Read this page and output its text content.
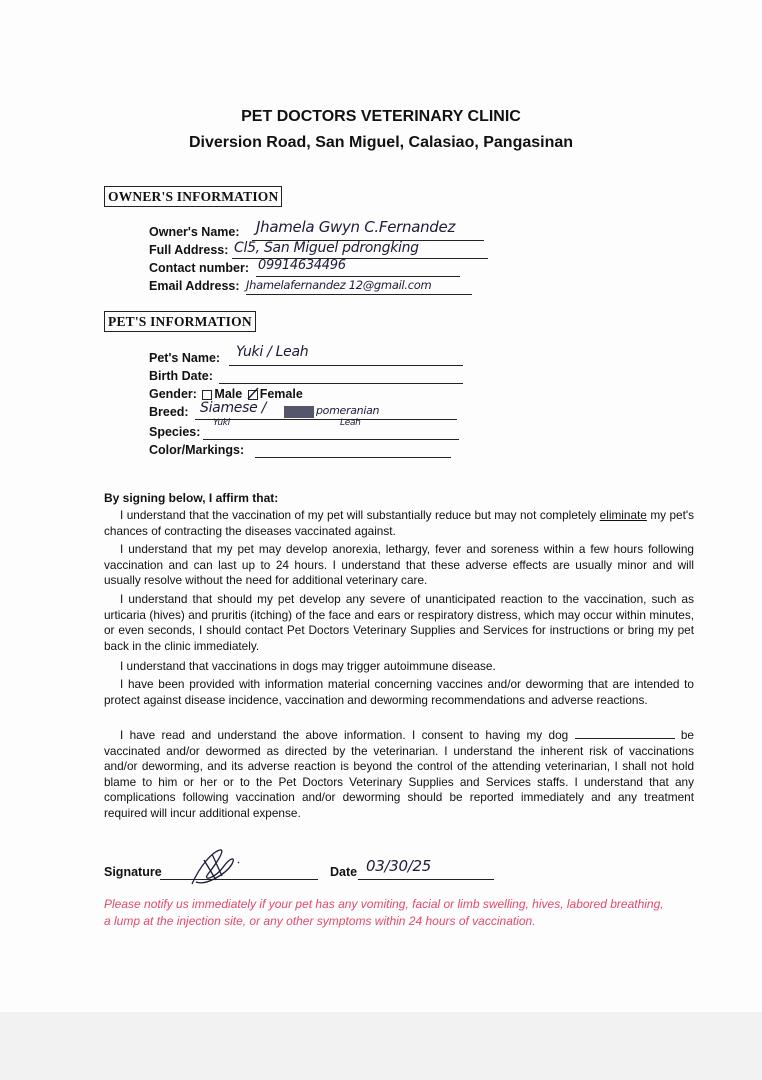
PET DOCTORS VETERINARY CLINIC
Diversion Road, San Miguel, Calasiao, Pangasinan
OWNER'S INFORMATION
Owner's Name: Jhamela Gwyn C.Fernandez
Full Address: Cl5, San Miguel pdrongking
Contact number: 09914634496
Email Address: Jhamelafernandez 12@gmail.com
PET'S INFORMATION
Pet's Name: Yuki / Leah
Birth Date:
Gender: Male Female
Breed: Siamese /	pomeranian
Yuki	Leah
Species:
Color/Markings:
By signing below, I affirm that:
I understand that the vaccination of my pet will substantially reduce but may not completely eliminate my pet's chances of contracting the diseases vaccinated against.
I understand that my pet may develop anorexia, lethargy, fever and soreness within a few hours following vaccination and can last up to 24 hours. I understand that these adverse effects are usually minor and will usually resolve without the need for additional veterinary care.
I understand that should my pet develop any severe of unanticipated reaction to the vaccination, such as urticaria (hives) and pruritis (itching) of the face and ears or respiratory distress, which may occur within minutes, or even seconds, I should contact Pet Doctors Veterinary Supplies and Services for instructions or bring my pet back in the clinic immediately.
I understand that vaccinations in dogs may trigger autoimmune disease.
I have been provided with information material concerning vaccines and/or deworming that are intended to protect against disease incidence, vaccination and deworming recommendations and adverse reactions.
I have read and understand the above information. I consent to having my dog	be vaccinated and/or dewormed as directed by the veterinarian. I understand the inherent risk of vaccinations and/or deworming, and its adverse reaction is beyond the control of the attending veterinarian, I shall not hold blame to him or her or to the Pet Doctors Veterinary Supplies and Services staffs. I understand that any complications following vaccination and/or deworming should be reported immediately and any treatment required will incur additional expense.
Signature	Date 03/30/25
Please notify us immediately if your pet has any vomiting, facial or limb swelling, hives, labored breathing, a lump at the injection site, or any other symptoms within 24 hours of vaccination.
